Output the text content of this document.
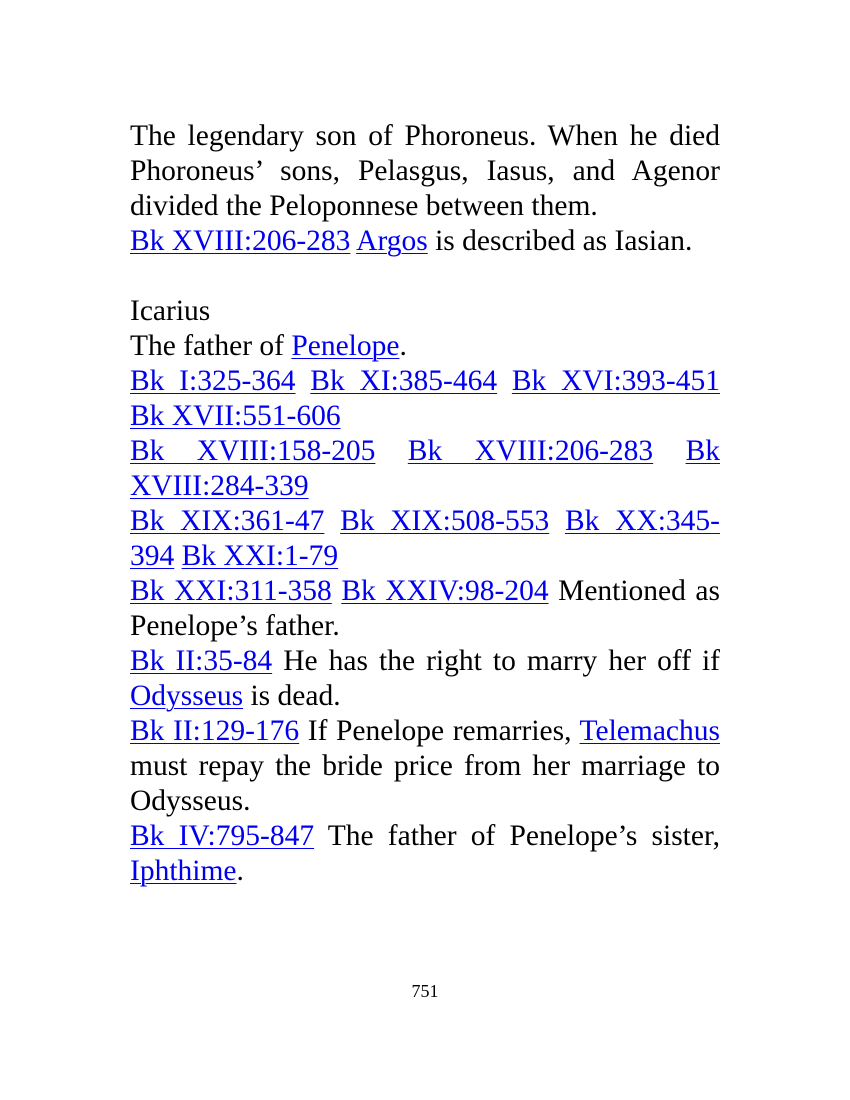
The legendary son of Phoroneus. When he died Phoroneus’ sons, Pelasgus, Iasus, and Agenor divided the Peloponnese between them.

Bk XVIII:206-283 Argos is described as Iasian.

Icarius

The father of Penelope.

Bk I:325-364 Bk XI:385-464 Bk XVI:393-451 Bk XVII:551-606

Bk XVIII:158-205 Bk XVIII:206-283 Bk XVIII:284-339

Bk XIX:361-47 Bk XIX:508-553 Bk XX:345-394 Bk XXI:1-79

Bk XXI:311-358 Bk XXIV:98-204 Mentioned as Penelope’s father.

Bk II:35-84 He has the right to marry her off if Odysseus is dead.

Bk II:129-176 If Penelope remarries, Telemachus must repay the bride price from her marriage to Odysseus.

Bk IV:795-847 The father of Penelope’s sister, Iphthime.

751
